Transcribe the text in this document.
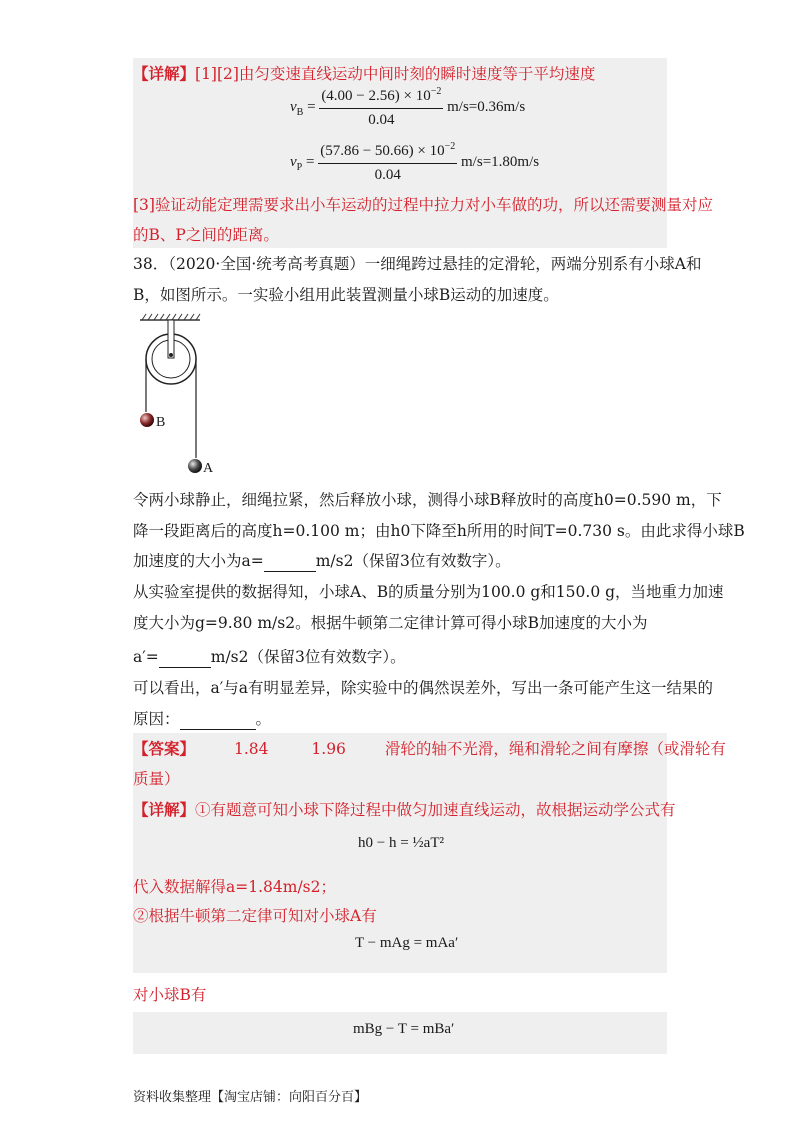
【详解】[1][2]由匀变速直线运动中间时刻的瞬时速度等于平均速度
$v_B = \frac{(4.00 - 2.56) \times 10^{-2}}{0.04} m/s=0.36m/s$
$v_P = \frac{(57.86 - 50.66) \times 10^{-2}}{0.04} m/s=1.80m/s$
[3]验证动能定理需要求出小车运动的过程中拉力对小车做的功，所以还需要测量对应
的B、P之间的距离。
38．（2020·全国·统考高考真题）一细绳跨过悬挂的定滑轮，两端分别系有小球A和
B，如图所示。一实验小组用此装置测量小球B运动的加速度。
B
A
令两小球静止，细绳拉紧，然后释放小球，测得小球B释放时的高度h0=0.590 m，下
降一段距离后的高度h=0.100 m；由h0下降至h所用的时间T=0.730 s。由此求得小球B
加速度的大小为a=	m/s2（保留3位有效数字）。
从实验室提供的数据得知，小球A、B的质量分别为100.0 g和150.0 g，当地重力加速
度大小为g=9.80 m/s2。根据牛顿第二定律计算可得小球B加速度的大小为
a′=	m/s2（保留3位有效数字）。
可以看出，a′与a有明显差异，除实验中的偶然误差外，写出一条可能产生这一结果的
原因：	。
【答案】	1.84	1.96	滑轮的轴不光滑，绳和滑轮之间有摩擦（或滑轮有
质量）
【详解】①有题意可知小球下降过程中做匀加速直线运动，故根据运动学公式有
h0 − h = ½aT²
代入数据解得a=1.84m/s2；
②根据牛顿第二定律可知对小球A有
T − mAg = mAa′
对小球B有
mBg − T = mBa′
资料收集整理【淘宝店铺：向阳百分百】
